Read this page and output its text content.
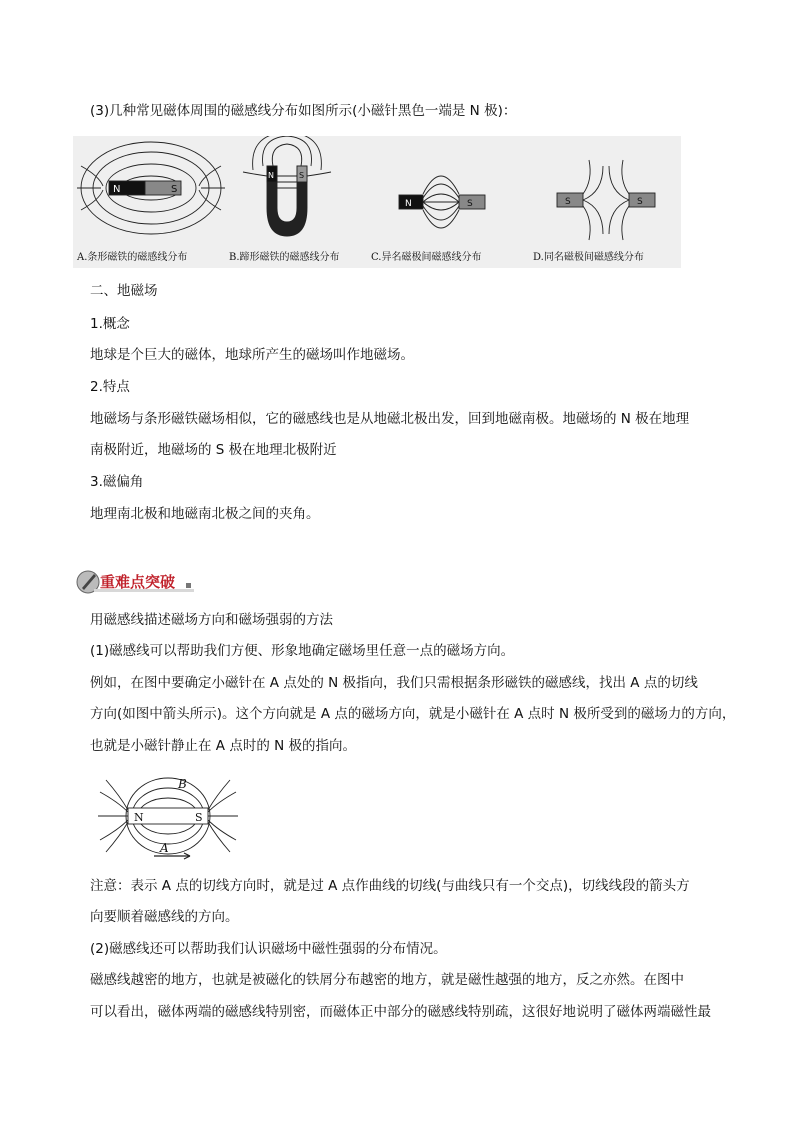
(3)几种常见磁体周围的磁感线分布如图所示(小磁针黑色一端是 N 极)：
N	S
A.条形磁铁的磁感线分布
N	S
B.蹄形磁铁的磁感线分布
N	S
C.异名磁极间磁感线分布
S	S
D.同名磁极间磁感线分布
二、地磁场
1.概念
地球是个巨大的磁体，地球所产生的磁场叫作地磁场。
2.特点
地磁场与条形磁铁磁场相似，它的磁感线也是从地磁北极出发，回到地磁南极。地磁场的 N 极在地理
南极附近，地磁场的 S 极在地理北极附近
3.磁偏角
地理南北极和地磁南北极之间的夹角。
重难点突破
用磁感线描述磁场方向和磁场强弱的方法
(1)磁感线可以帮助我们方便、形象地确定磁场里任意一点的磁场方向。
例如，在图中要确定小磁针在 A 点处的 N 极指向，我们只需根据条形磁铁的磁感线，找出 A 点的切线
方向(如图中箭头所示)。这个方向就是 A 点的磁场方向，就是小磁针在 A 点时 N 极所受到的磁场力的方向，
也就是小磁针静止在 A 点时的 N 极的指向。
N	S
B
A
注意：表示 A 点的切线方向时，就是过 A 点作曲线的切线(与曲线只有一个交点)，切线线段的箭头方
向要顺着磁感线的方向。
(2)磁感线还可以帮助我们认识磁场中磁性强弱的分布情况。
磁感线越密的地方，也就是被磁化的铁屑分布越密的地方，就是磁性越强的地方，反之亦然。在图中
可以看出，磁体两端的磁感线特别密，而磁体正中部分的磁感线特别疏，这很好地说明了磁体两端磁性最
